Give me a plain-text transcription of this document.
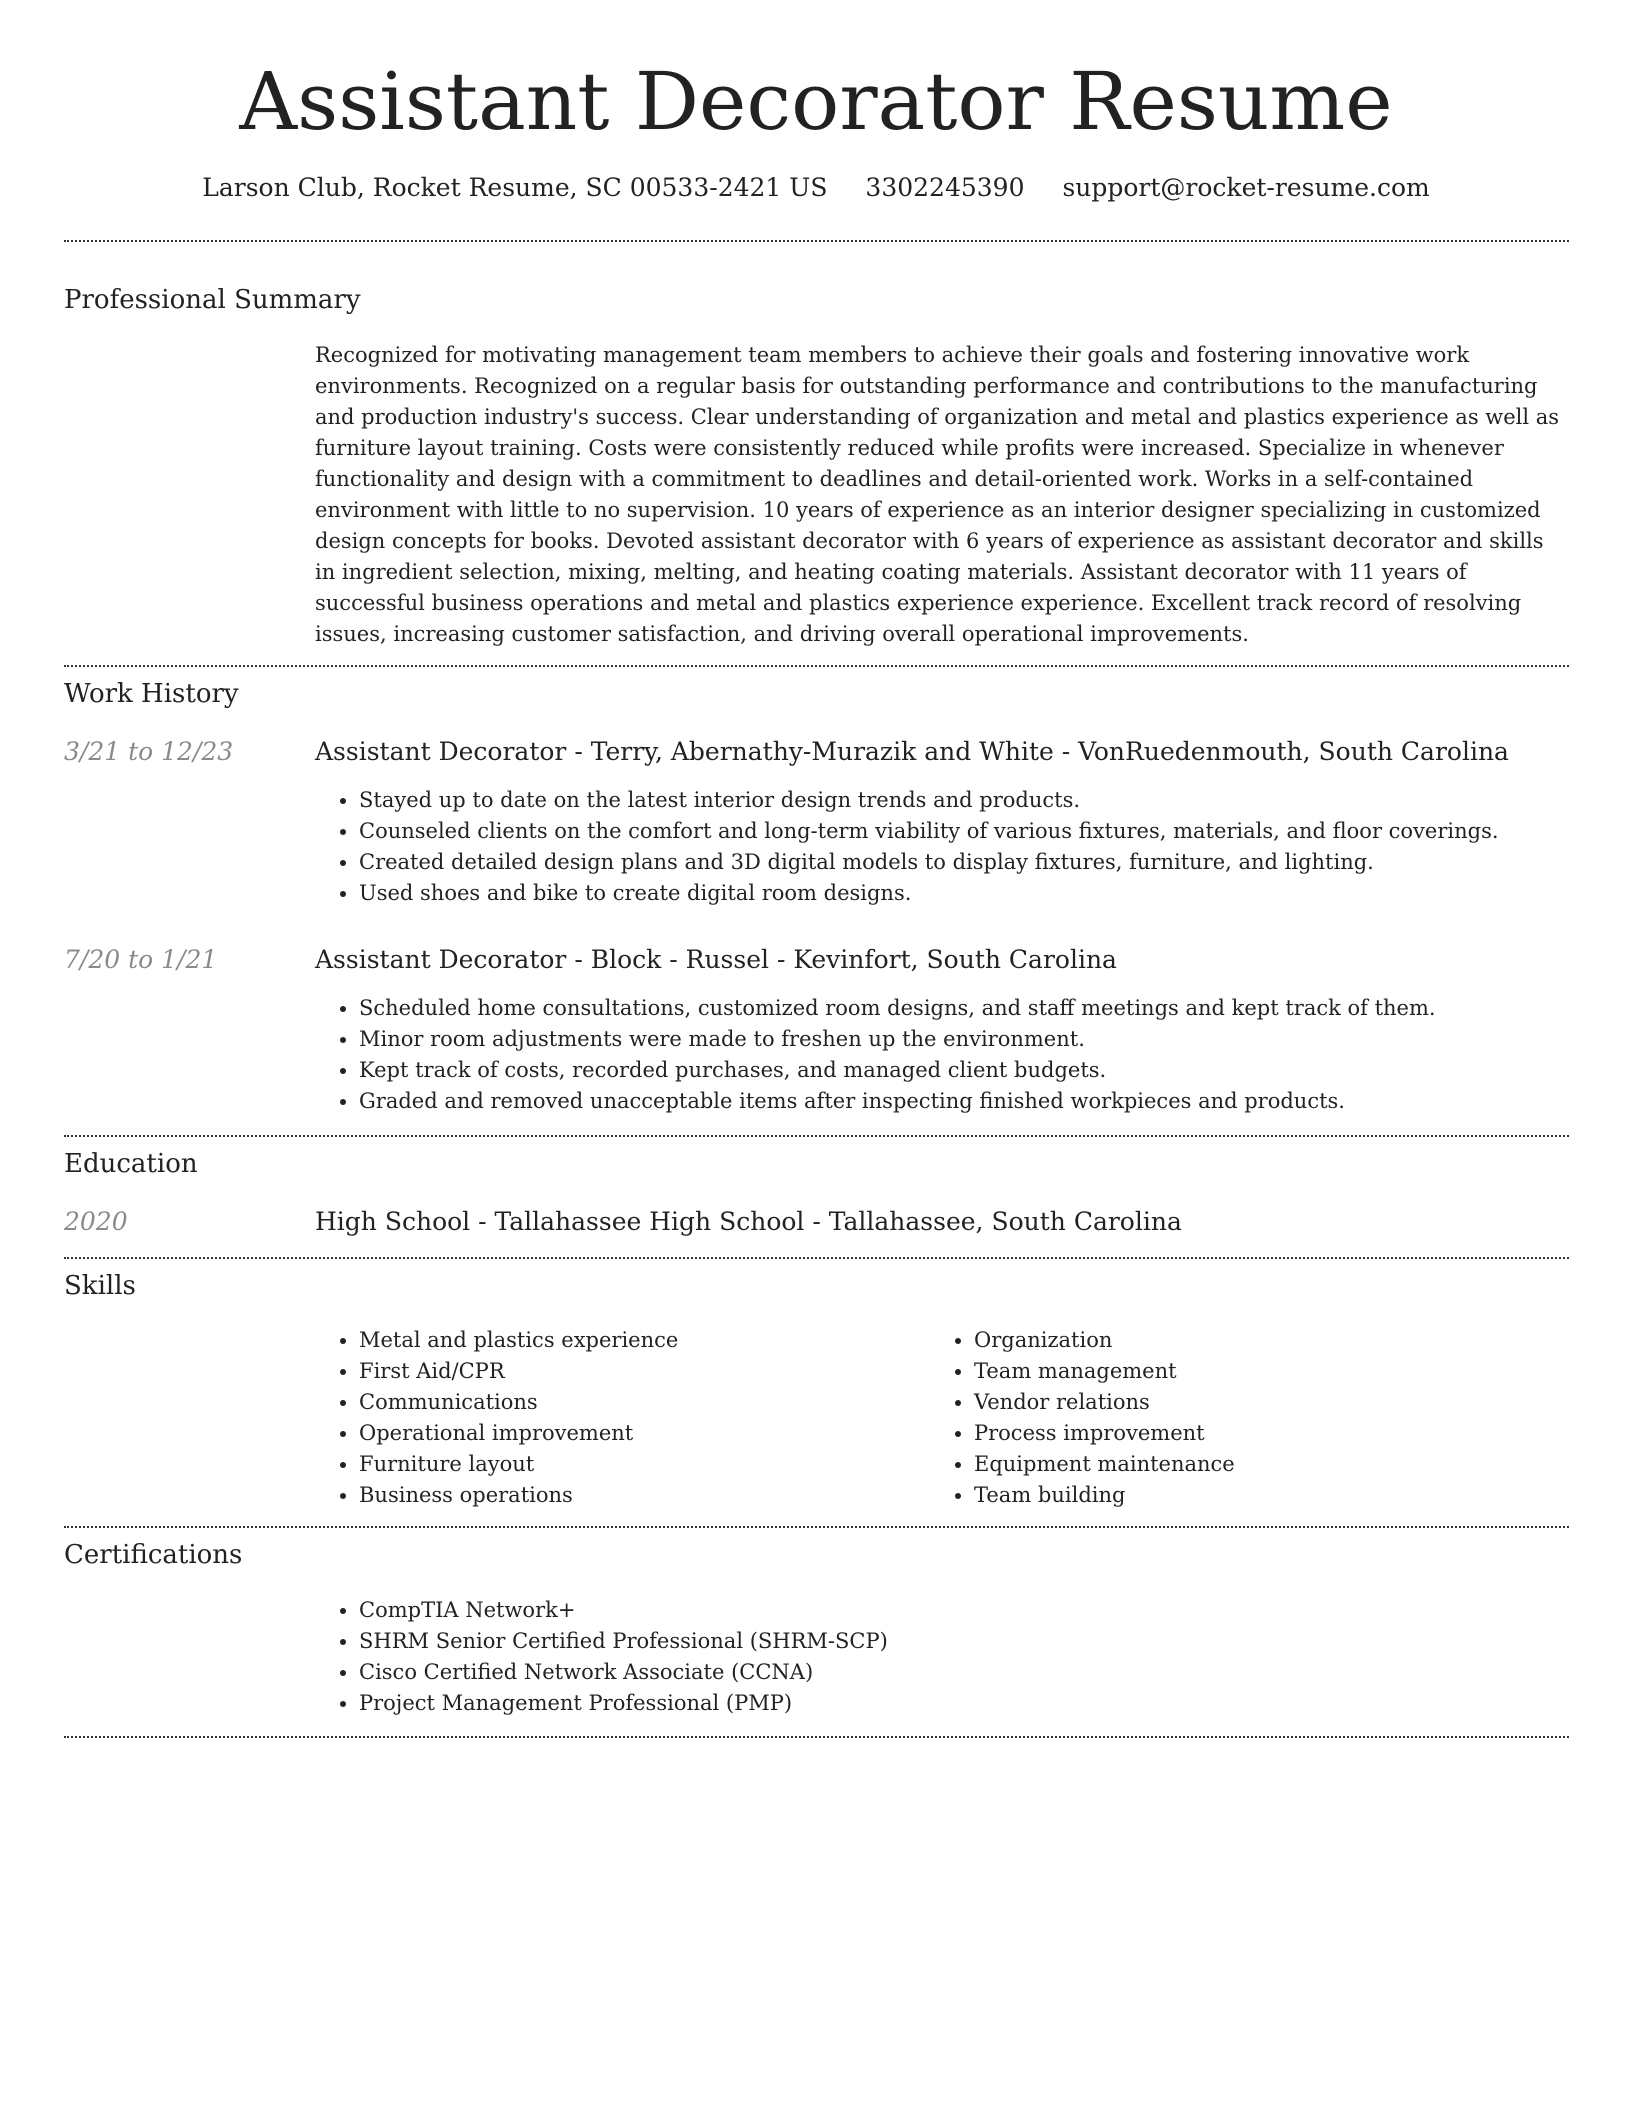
Assistant Decorator Resume
Larson Club, Rocket Resume, SC 00533-2421 US 3302245390 support@rocket-resume.com
Professional Summary

Recognized for motivating management team members to achieve their goals and fostering innovative work environments. Recognized on a regular basis for outstanding performance and contributions to the manufacturing and production industry's success. Clear understanding of organization and metal and plastics experience as well as furniture layout training. Costs were consistently reduced while profits were increased. Specialize in whenever functionality and design with a commitment to deadlines and detail-oriented work. Works in a self-contained environment with little to no supervision. 10 years of experience as an interior designer specializing in customized design concepts for books. Devoted assistant decorator with 6 years of experience as assistant decorator and skills in ingredient selection, mixing, melting, and heating coating materials. Assistant decorator with 11 years of successful business operations and metal and plastics experience experience. Excellent track record of resolving issues, increasing customer satisfaction, and driving overall operational improvements.

Work History
3/21 to 12/23	Assistant Decorator - Terry, Abernathy-Murazik and White - VonRuedenmouth, South Carolina
• Stayed up to date on the latest interior design trends and products.
• Counseled clients on the comfort and long-term viability of various fixtures, materials, and floor coverings.
• Created detailed design plans and 3D digital models to display fixtures, furniture, and lighting.
• Used shoes and bike to create digital room designs.
7/20 to 1/21	Assistant Decorator - Block - Russel - Kevinfort, South Carolina
• Scheduled home consultations, customized room designs, and staff meetings and kept track of them.
• Minor room adjustments were made to freshen up the environment.
• Kept track of costs, recorded purchases, and managed client budgets.
• Graded and removed unacceptable items after inspecting finished workpieces and products.
Education
2020	High School - Tallahassee High School - Tallahassee, South Carolina
Skills
• Metal and plastics experience
• First Aid/CPR
• Communications
• Operational improvement
• Furniture layout
• Business operations
• Organization
• Team management
• Vendor relations
• Process improvement
• Equipment maintenance
• Team building
Certifications
• CompTIA Network+
• SHRM Senior Certified Professional (SHRM-SCP)
• Cisco Certified Network Associate (CCNA)
• Project Management Professional (PMP)
